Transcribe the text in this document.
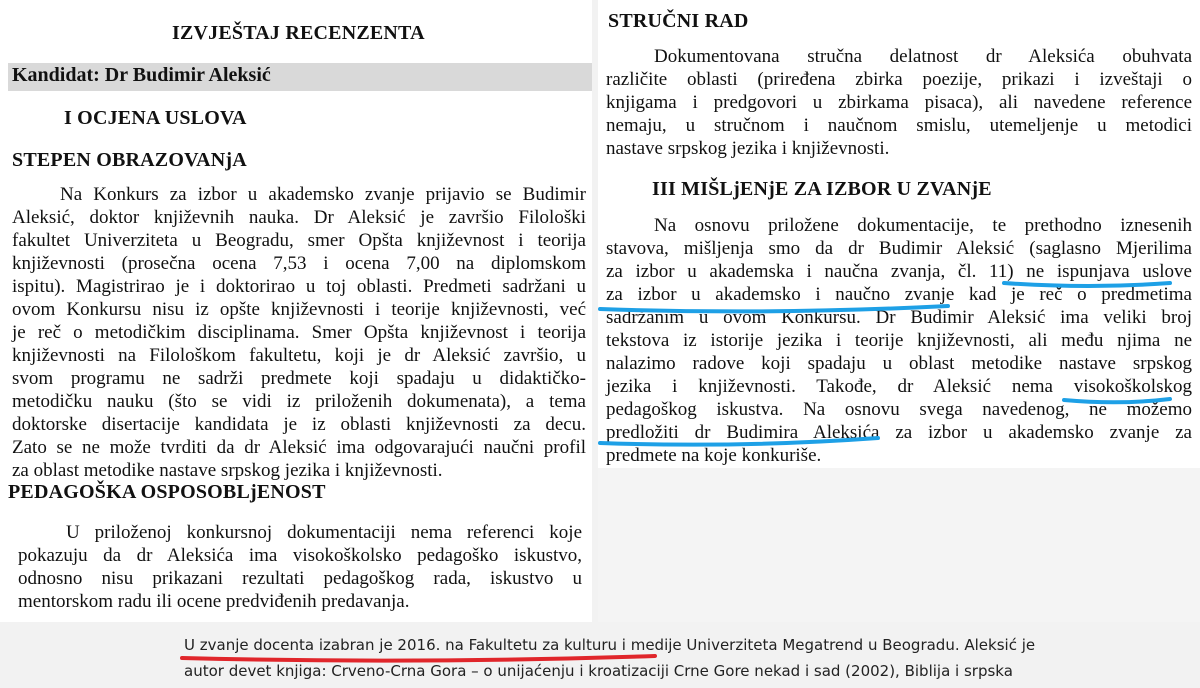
IZVJEŠTAJ RECENZENTA
Kandidat: Dr Budimir Aleksić
I OCJENA USLOVA
STEPEN OBRAZOVANjA
Na Konkurs za izbor u akademsko zvanje prijavio se Budimir
Aleksić, doktor književnih nauka. Dr Aleksić je završio Filološki
fakultet Univerziteta u Beogradu, smer Opšta književnost i teorija
književnosti (prosečna ocena 7,53 i ocena 7,00 na diplomskom
ispitu). Magistrirao je i doktorirao u toj oblasti. Predmeti sadržani u
ovom Konkursu nisu iz opšte književnosti i teorije književnosti, već
je reč o metodičkim disciplinama. Smer Opšta književnost i teorija
književnosti na Filološkom fakultetu, koji je dr Aleksić završio, u
svom programu ne sadrži predmete koji spadaju u didaktičko-
metodičku nauku (što se vidi iz priloženih dokumenata), a tema
doktorske disertacije kandidata je iz oblasti književnosti za decu.
Zato se ne može tvrditi da dr Aleksić ima odgovarajući naučni profil
za oblast metodike nastave srpskog jezika i književnosti.
PEDAGOŠKA OSPOSOBLjENOST
U priloženoj konkursnoj dokumentaciji nema referenci koje
pokazuju da dr Aleksića ima visokoškolsko pedagoško iskustvo,
odnosno nisu prikazani rezultati pedagoškog rada, iskustvo u
mentorskom radu ili ocene predviđenih predavanja.
STRUČNI RAD
Dokumentovana stručna delatnost dr Aleksića obuhvata
različite oblasti (priređena zbirka poezije, prikazi i izveštaji o
knjigama i predgovori u zbirkama pisaca), ali navedene reference
nemaju, u stručnom i naučnom smislu, utemeljenje u metodici
nastave srpskog jezika i književnosti.
III MIŠLjENjE ZA IZBOR U ZVANjE
Na osnovu priložene dokumentacije, te prethodno iznesenih
stavova, mišljenja smo da dr Budimir Aleksić (saglasno Mjerilima
za izbor u akademska i naučna zvanja, čl. 11) ne ispunjava uslove
za izbor u akademsko i naučno zvanje kad je reč o predmetima
sadržanim u ovom Konkursu. Dr Budimir Aleksić ima veliki broj
tekstova iz istorije jezika i teorije književnosti, ali među njima ne
nalazimo radove koji spadaju u oblast metodike nastave srpskog
jezika i književnosti. Takođe, dr Aleksić nema visokoškolskog
pedagoškog iskustva. Na osnovu svega navedenog, ne možemo
predložiti dr Budimira Aleksića za izbor u akademsko zvanje za
predmete na koje konkuriše.
U zvanje docenta izabran je 2016. na Fakultetu za kulturu i medije Univerziteta Megatrend u Beogradu. Aleksić je
autor devet knjiga: Crveno-Crna Gora – o unijaćenju i kroatizaciji Crne Gore nekad i sad (2002), Biblija i srpska
